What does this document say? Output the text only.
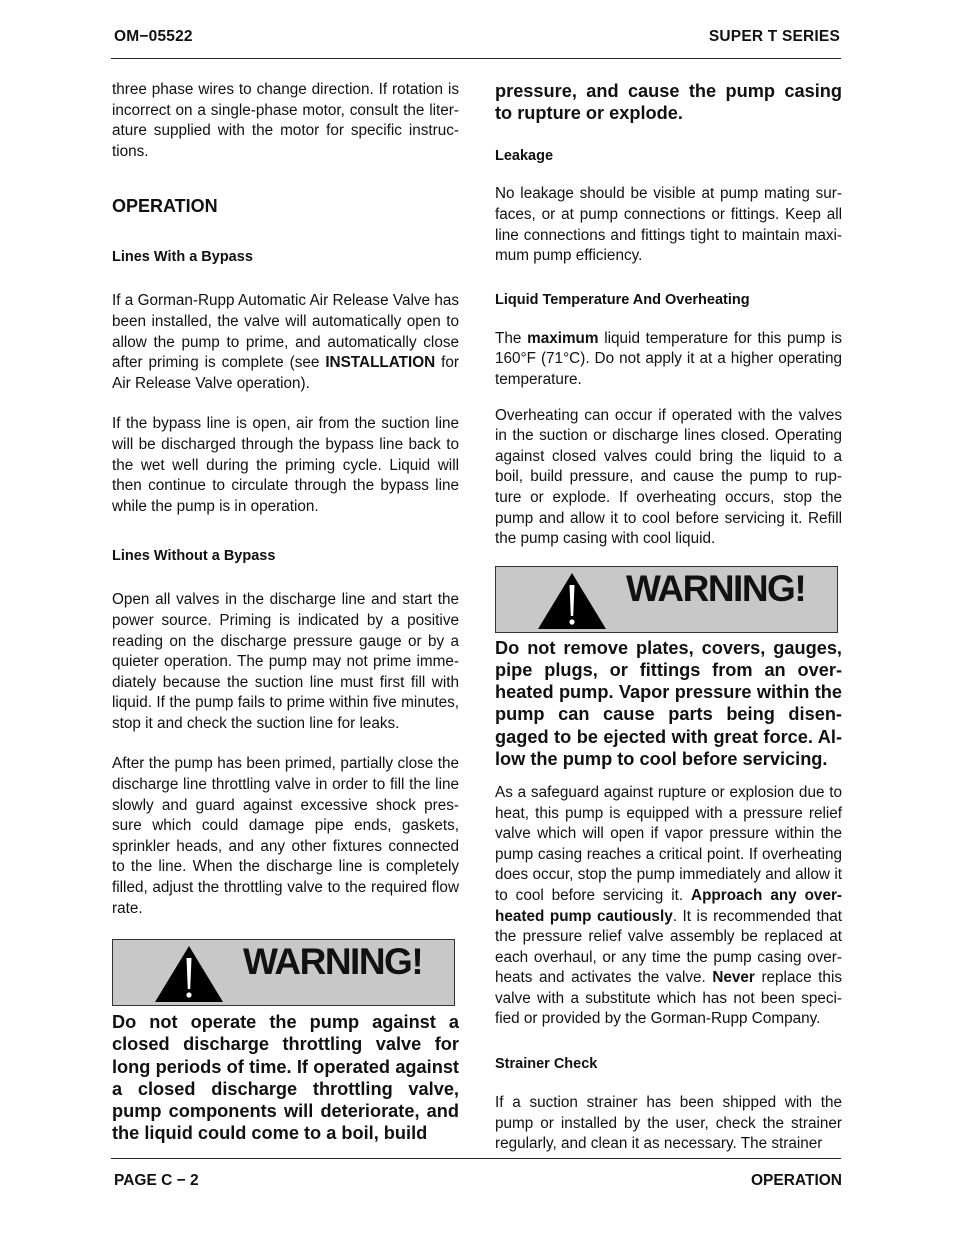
OM−05522	SUPER T SERIES

three phase wires to change direction. If rotation is incorrect on a single-phase motor, consult the liter- ature supplied with the motor for specific instruc- tions.

OPERATION
Lines With a Bypass

If a Gorman-Rupp Automatic Air Release Valve has been installed, the valve will automatically open to allow the pump to prime, and automatically close after priming is complete (see INSTALLATION for Air Release Valve operation).

If the bypass line is open, air from the suction line will be discharged through the bypass line back to the wet well during the priming cycle. Liquid will then continue to circulate through the bypass line while the pump is in operation.

Lines Without a Bypass

Open all valves in the discharge line and start the power source. Priming is indicated by a positive reading on the discharge pressure gauge or by a quieter operation. The pump may not prime imme- diately because the suction line must first fill with liquid. If the pump fails to prime within five minutes, stop it and check the suction line for leaks.

After the pump has been primed, partially close the discharge line throttling valve in order to fill the line slowly and guard against excessive shock pres- sure which could damage pipe ends, gaskets, sprinkler heads, and any other fixtures connected to the line. When the discharge line is completely filled, adjust the throttling valve to the required flow rate.

WARNING!

Do not operate the pump against a closed discharge throttling valve for long periods of time. If operated against a closed discharge throttling valve, pump components will deteriorate, and the liquid could come to a boil, build

pressure, and cause the pump casing to rupture or explode.

Leakage

No leakage should be visible at pump mating sur- faces, or at pump connections or fittings. Keep all line connections and fittings tight to maintain maxi- mum pump efficiency.

Liquid Temperature And Overheating

The maximum liquid temperature for this pump is 160°F (71°C). Do not apply it at a higher operating temperature.

Overheating can occur if operated with the valves in the suction or discharge lines closed. Operating against closed valves could bring the liquid to a boil, build pressure, and cause the pump to rup- ture or explode. If overheating occurs, stop the pump and allow it to cool before servicing it. Refill the pump casing with cool liquid.

WARNING!

Do not remove plates, covers, gauges, pipe plugs, or fittings from an over- heated pump. Vapor pressure within the pump can cause parts being disen- gaged to be ejected with great force. Al- low the pump to cool before servicing.

As a safeguard against rupture or explosion due to heat, this pump is equipped with a pressure relief valve which will open if vapor pressure within the pump casing reaches a critical point. If overheating does occur, stop the pump immediately and allow it to cool before servicing it. Approach any over- heated pump cautiously. It is recommended that the pressure relief valve assembly be replaced at each overhaul, or any time the pump casing over- heats and activates the valve. Never replace this valve with a substitute which has not been speci- fied or provided by the Gorman-Rupp Company.

Strainer Check

If a suction strainer has been shipped with the pump or installed by the user, check the strainer regularly, and clean it as necessary. The strainer

PAGE C − 2	OPERATION
